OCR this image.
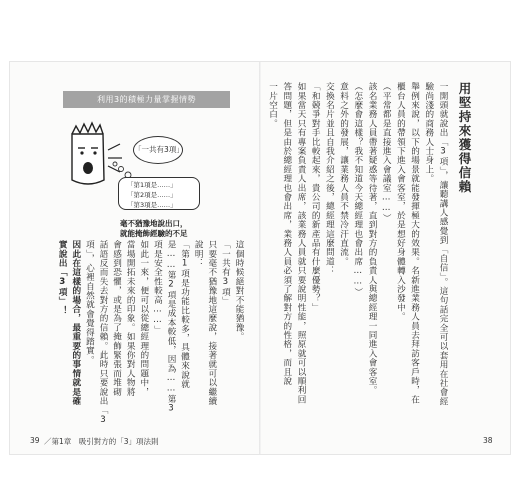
用堅持來獲得信賴
一開頭就說出「3項」，讓聽講人感覺到「自信」。這句話完全可以套用在社會經
驗尚淺的商務人士身上。
舉例來說，以下的場景就能發揮極大的效果。名新進業務人員去拜訪客戶時，在
櫃台人員的帶領下進入會客室，於是想好身體轉入沙發中。
（平常都是直接進入會議室……）
該名業務人員帶著疑惑等待著，直到對方的負責人與總經理一同進入會客室。
（怎麼會這樣？我不知道今天總經理也會出席……）
意料之外的發展，讓業務人員不禁冷汗直流。
交換名片並且自我介紹之後，總經理這麼問道：
「和競爭對手比較起來，貴公司的新產品有什麼優勢？」
如果當天只有專案負責人出席，該業務人員就只要說明性能，照原就可以順利回
答問題，但是由於總經理也會出席，業務人員必須了解對方的性格，而且說
一片空白。
38
利用3的積極力量掌握情勢
「一共有3項」
「第1項是……」
「第2項是……」
「第3項是……」
毫不猶豫地說出口，
就能掩飾經驗的不足
這個時候絕對不能猶豫。
「一共有3項」
只要毫不猶豫地這麼說，接著就可以繼續
說明：
「第1項是功能比較多，具體來說就
是……第2項是成本較低，因為……第3
項是安全性較高……」
如此一來，便可以從總經理的問題中，
當場開拓未來的印象。如果你對人物將
會感到恐懼，或是為了掩飾緊張而堆砌
話語反而失去對方的信賴。此時只要說出「3
項」，心裡自然就會覺得踏實。
因此在這樣的場合，最重要的事情就是確
實說出「3項」！
39 ／第1章　吸引對方的「3」項法則
